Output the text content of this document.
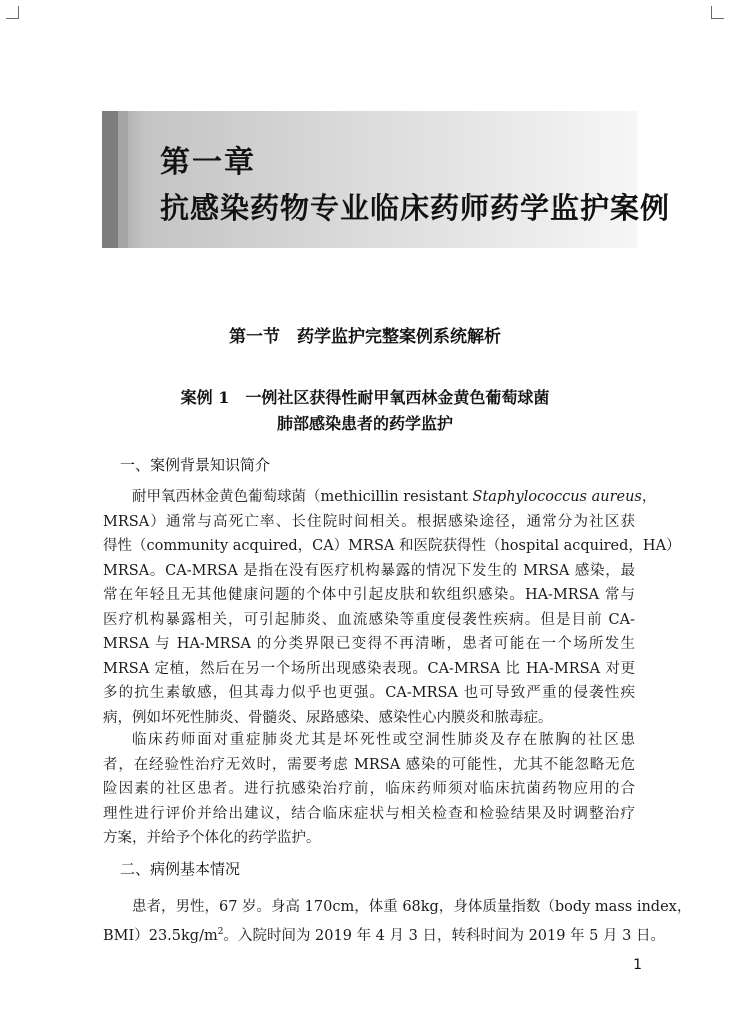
第一章
抗感染药物专业临床药师药学监护案例
第一节　药学监护完整案例系统解析
案例 1　一例社区获得性耐甲氧西林金黄色葡萄球菌
肺部感染患者的药学监护
一、案例背景知识简介
耐甲氧西林金黄色葡萄球菌（methicillin resistant Staphylococcus aureus，
MRSA）通常与高死亡率、长住院时间相关。根据感染途径，通常分为社区获
得性（community acquired，CA）MRSA 和医院获得性（hospital acquired，HA）
MRSA。CA-MRSA 是指在没有医疗机构暴露的情况下发生的 MRSA 感染，最
常在年轻且无其他健康问题的个体中引起皮肤和软组织感染。HA-MRSA 常与
医疗机构暴露相关，可引起肺炎、血流感染等重度侵袭性疾病。但是目前 CA-
MRSA 与 HA-MRSA 的分类界限已变得不再清晰，患者可能在一个场所发生
MRSA 定植，然后在另一个场所出现感染表现。CA-MRSA 比 HA-MRSA 对更
多的抗生素敏感，但其毒力似乎也更强。CA-MRSA 也可导致严重的侵袭性疾
病，例如坏死性肺炎、骨髓炎、尿路感染、感染性心内膜炎和脓毒症。
临床药师面对重症肺炎尤其是坏死性或空洞性肺炎及存在脓胸的社区患
者，在经验性治疗无效时，需要考虑 MRSA 感染的可能性，尤其不能忽略无危
险因素的社区患者。进行抗感染治疗前，临床药师须对临床抗菌药物应用的合
理性进行评价并给出建议，结合临床症状与相关检查和检验结果及时调整治疗
方案，并给予个体化的药学监护。
二、病例基本情况
患者，男性，67 岁。身高 170cm，体重 68kg，身体质量指数（body mass index，
$BMI)23.5kg/m^2$。入院时间为 2019 年 4 月 3 日，转科时间为 2019 年 5 月 3 日。
1
